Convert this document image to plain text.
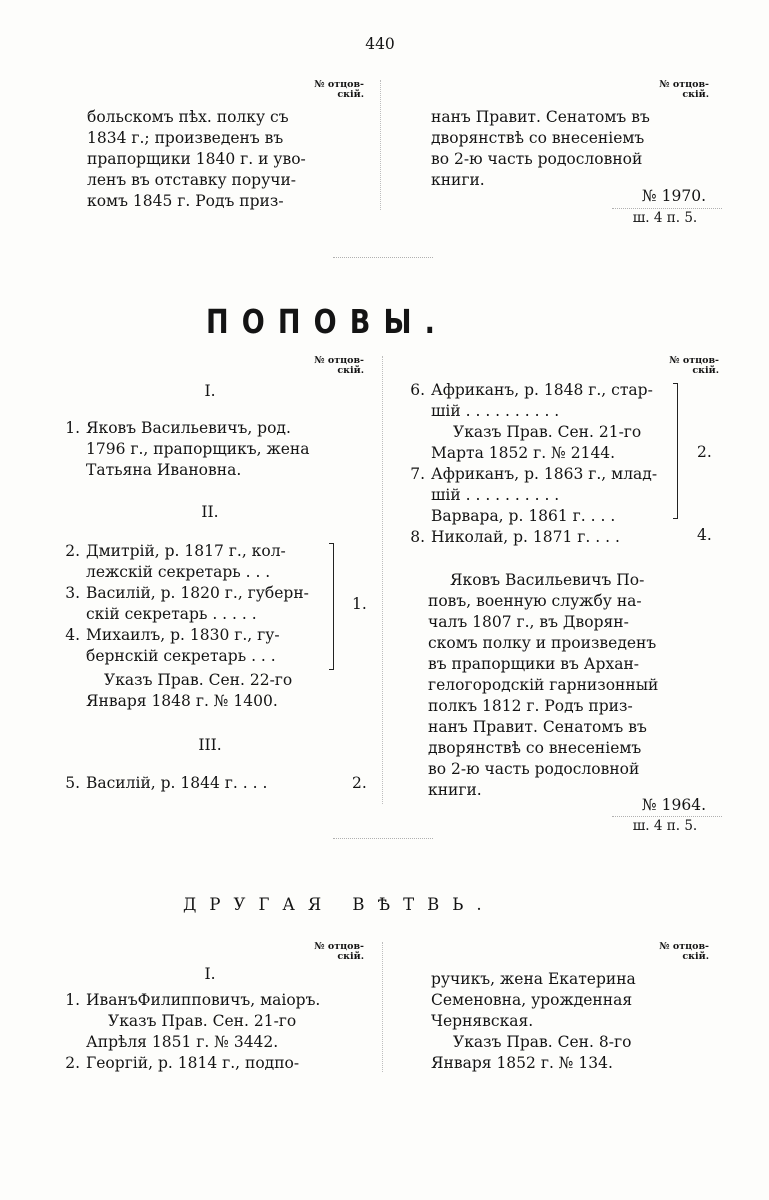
440
№ отцов-
скій.
№ отцов-
скій.
больскомъ пѣх. полку съ
1834 г.; произведенъ въ
прапорщики 1840 г. и уво-
ленъ въ отставку поручи-
комъ 1845 г. Родъ приз-
нанъ Правит. Сенатомъ въ
дворянствѣ со внесеніемъ
во 2-ю часть родословной
книги.
№ 1970.
ш. 4 п. 5.
ПОПОВЫ.
№ отцов-
скій.
№ отцов-
скій.
I.
1. Яковъ Васильевичъ, род.
1796 г., прапорщикъ, жена
Татьяна Ивановна.
II.
2. Дмитрій, р. 1817 г., кол-
лежскій секретарь . . .
3. Василій, р. 1820 г., губерн-
скій секретарь . . . . .
4. Михаилъ, р. 1830 г., гу-
бернскій секретарь . . .
1.
Указъ Прав. Сен. 22-го
Января 1848 г. № 1400.
III.
5. Василій, р. 1844 г. . . .	2.
6. Африканъ, р. 1848 г., стар-
шій . . . . . . . . . .
Указъ Прав. Сен. 21-го
Марта 1852 г. № 2144.
7. Африканъ, р. 1863 г., млад-
шій . . . . . . . . . .
Варвара, р. 1861 г. . . .
8. Николай, р. 1871 г. . . .
2.
4.
Яковъ Васильевичъ По-
повъ, военную службу на-
чалъ 1807 г., въ Дворян-
скомъ полку и произведенъ
въ прапорщики въ Архан-
гелогородскій гарнизонный
полкъ 1812 г. Родъ приз-
нанъ Правит. Сенатомъ въ
дворянствѣ со внесеніемъ
во 2-ю часть родословной
книги.
№ 1964.
ш. 4 п. 5.
ДРУГАЯ ВѢТВЬ.
№ отцов-
скій.
№ отцов-
скій.
I.
1. ИванъФилипповичъ, маіоръ.
Указъ Прав. Сен. 21-го
Апрѣля 1851 г. № 3442.
2. Георгій, р. 1814 г., подпо-
ручикъ, жена Екатерина
Семеновна, урожденная
Чернявская.
Указъ Прав. Сен. 8-го
Января 1852 г. № 134.
